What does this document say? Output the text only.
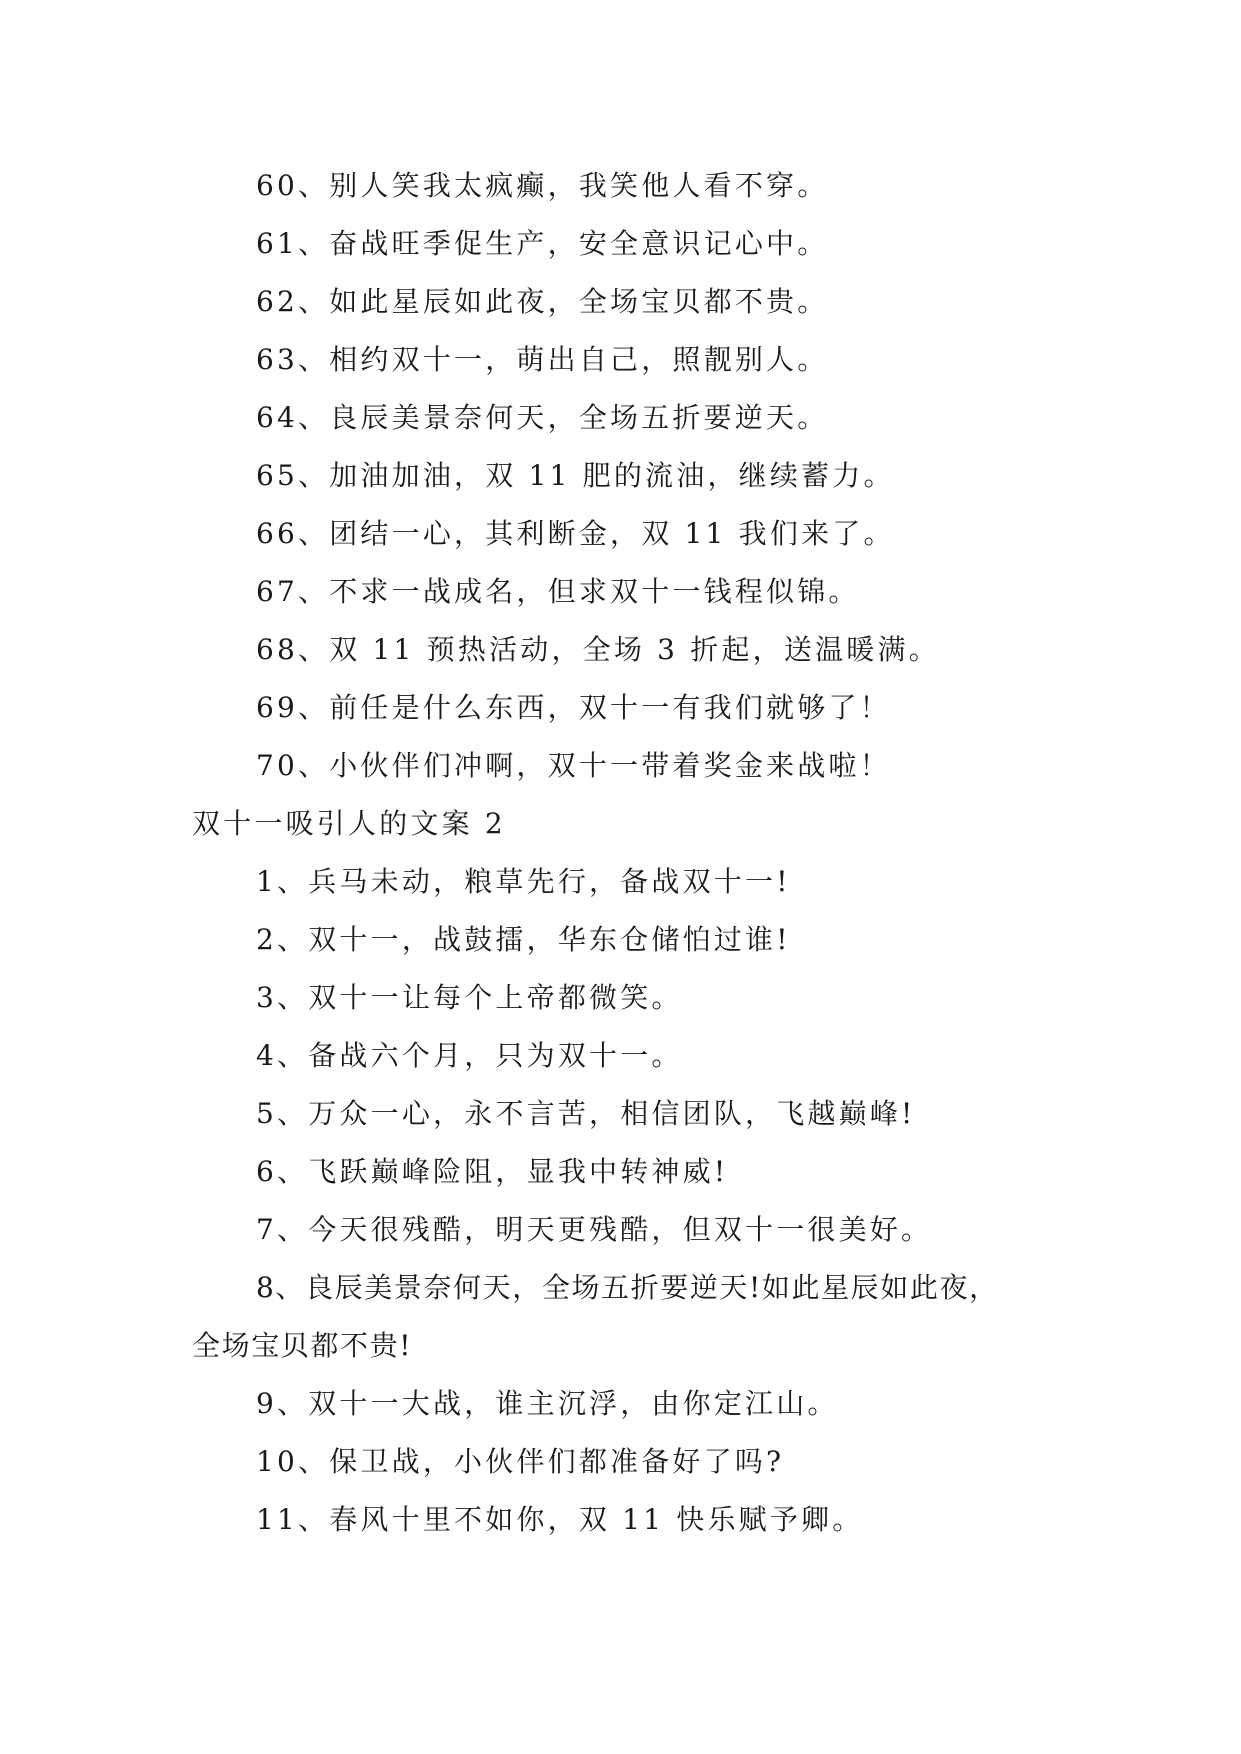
60、别人笑我太疯癫，我笑他人看不穿。
61、奋战旺季促生产，安全意识记心中。
62、如此星辰如此夜，全场宝贝都不贵。
63、相约双十一，萌出自己，照靓别人。
64、良辰美景奈何天，全场五折要逆天。
65、加油加油，双 11 肥的流油，继续蓄力。
66、团结一心，其利断金，双 11 我们来了。
67、不求一战成名，但求双十一钱程似锦。
68、双 11 预热活动，全场 3 折起，送温暖满。
69、前任是什么东西，双十一有我们就够了！
70、小伙伴们冲啊，双十一带着奖金来战啦！
双十一吸引人的文案 2
1、兵马未动，粮草先行，备战双十一!
2、双十一，战鼓擂，华东仓储怕过谁!
3、双十一让每个上帝都微笑。
4、备战六个月，只为双十一。
5、万众一心，永不言苦，相信团队，飞越巅峰!
6、飞跃巅峰险阻，显我中转神威!
7、今天很残酷，明天更残酷，但双十一很美好。
8、良辰美景奈何天，全场五折要逆天!如此星辰如此夜，
全场宝贝都不贵!
9、双十一大战，谁主沉浮，由你定江山。
10、保卫战，小伙伴们都准备好了吗?
11、春风十里不如你，双 11 快乐赋予卿。
